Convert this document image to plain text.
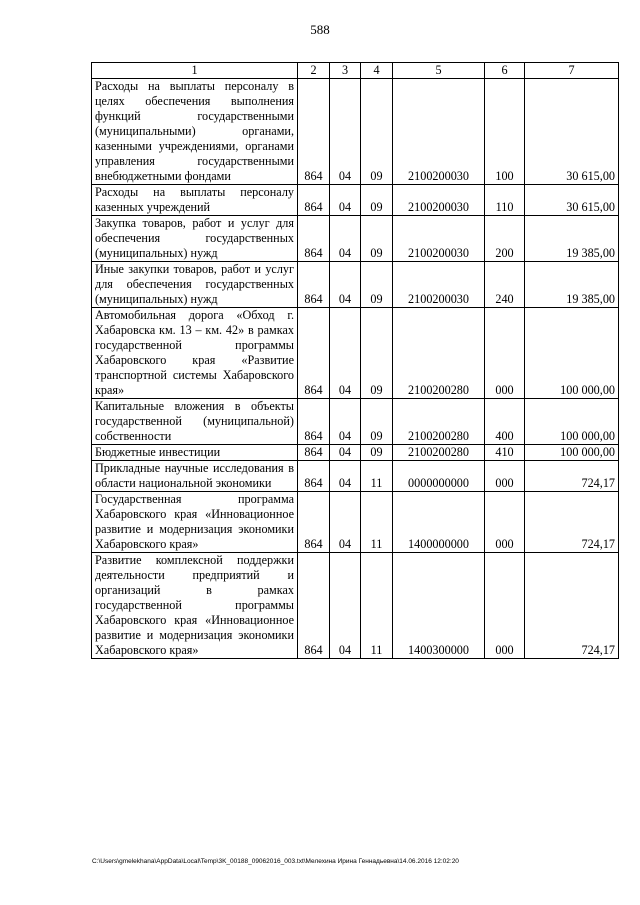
588
1	2	3	4	5	6	7
Расходы на выплаты персоналу в целях обеспечения выполнения функций государственными (муниципальными) органами, казенными учреждениями, органами управления государственными внебюджетными фондами	864	04	09	2100200030	100	30 615,00
Расходы на выплаты персоналу казенных учреждений	864	04	09	2100200030	110	30 615,00
Закупка товаров, работ и услуг для обеспечения государственных (муниципальных) нужд	864	04	09	2100200030	200	19 385,00
Иные закупки товаров, работ и услуг для обеспечения государственных (муниципальных) нужд	864	04	09	2100200030	240	19 385,00
Автомобильная дорога «Обход г. Хабаровска км. 13 – км. 42» в рамках государственной программы Хабаровского края «Развитие транспортной системы Хабаровского края»	864	04	09	2100200280	000	100 000,00
Капитальные вложения в объекты государственной (муниципальной) собственности	864	04	09	2100200280	400	100 000,00
Бюджетные инвестиции	864	04	09	2100200280	410	100 000,00
Прикладные научные исследования в области национальной экономики	864	04	11	0000000000	000	724,17
Государственная программа Хабаровского края «Инновационное развитие и модернизация экономики Хабаровского края»	864	04	11	1400000000	000	724,17
Развитие комплексной поддержки деятельности предприятий и организаций в рамках государственной программы Хабаровского края «Инновационное развитие и модернизация экономики Хабаровского края»	864	04	11	1400300000	000	724,17
C:\Users\gmelekhana\AppData\Local\Temp\3K_00188_09062016_003.txt\Мелехина Ирина Геннадьевна\14.06.2016 12:02:20
